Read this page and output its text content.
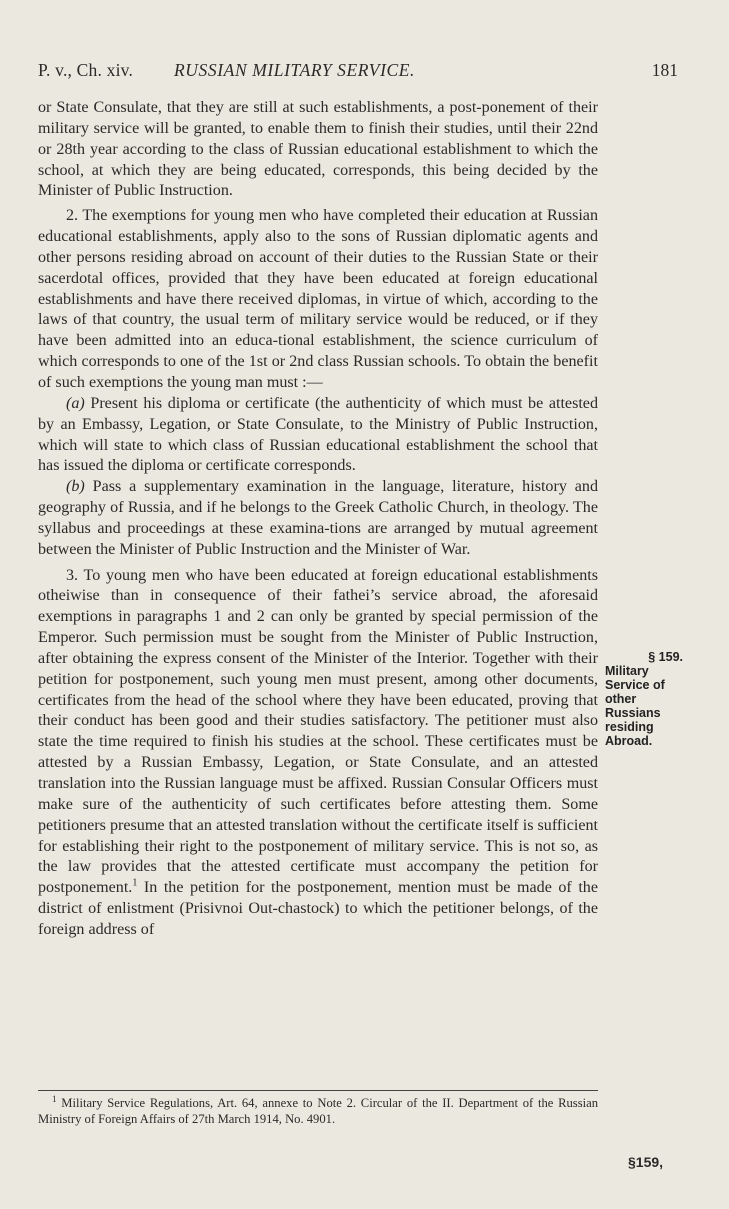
P. v., Ch. xiv. RUSSIAN MILITARY SERVICE.	181

or State Consulate, that they are still at such establishments, a post-ponement of their military service will be granted, to enable them to finish their studies, until their 22nd or 28th year according to the class of Russian educational establishment to which the school, at which they are being educated, corresponds, this being decided by the Minister of Public Instruction.

2. The exemptions for young men who have completed their education at Russian educational establishments, apply also to the sons of Russian diplomatic agents and other persons residing abroad on account of their duties to the Russian State or their sacerdotal offices, provided that they have been educated at foreign educational establishments and have there received diplomas, in virtue of which, according to the laws of that country, the usual term of military service would be reduced, or if they have been admitted into an educa-tional establishment, the science curriculum of which corresponds to one of the 1st or 2nd class Russian schools. To obtain the benefit of such exemptions the young man must :—

(a) Present his diploma or certificate (the authenticity of which must be attested by an Embassy, Legation, or State Consulate, to the Ministry of Public Instruction, which will state to which class of Russian educational establishment the school that has issued the diploma or certificate corresponds.

(b) Pass a supplementary examination in the language, literature, history and geography of Russia, and if he belongs to the Greek Catholic Church, in theology. The syllabus and proceedings at these examina-tions are arranged by mutual agreement between the Minister of Public Instruction and the Minister of War.

3. To young men who have been educated at foreign educational establishments otheiwise than in consequence of their fathei’s service abroad, the aforesaid exemptions in paragraphs 1 and 2 can only be granted by special permission of the Emperor. Such permission must be sought from the Minister of Public Instruction, after obtaining the express consent of the Minister of the Interior. Together with their petition for postponement, such young men must present, among other documents, certificates from the head of the school where they have been educated, proving that their conduct has been good and their studies satisfactory. The petitioner must also state the time required to finish his studies at the school. These certificates must be attested by a Russian Embassy, Legation, or State Consulate, and an attested translation into the Russian language must be affixed. Russian Consular Officers must make sure of the authenticity of such certificates before attesting them. Some petitioners presume that an attested translation without the certificate itself is sufficient for establishing their right to the postponement of military service. This is not so, as the law provides that the attested certificate must accompany the petition for postponement.$^1$ In the petition for the postponement, mention must be made of the district of enlistment (Prisivnoi Out-chastock) to which the petitioner belongs, of the foreign address of

§ 159.
Military
Service of
other
Russians
residing
Abroad.

$^1$ Military Service Regulations, Art. 64, annexe to Note 2. Circular of the II. Department of the Russian Ministry of Foreign Affairs of 27th March 1914, No. 4901.

§159,
